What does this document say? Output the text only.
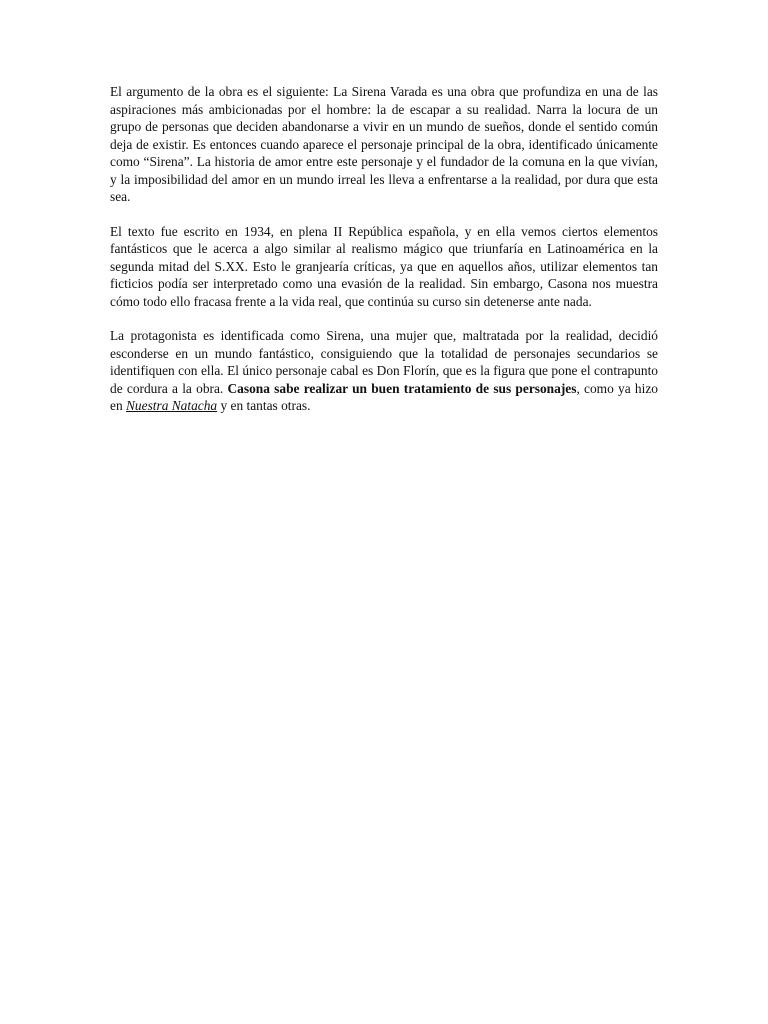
El argumento de la obra es el siguiente: La Sirena Varada es una obra que profundiza en una de las aspiraciones más ambicionadas por el hombre: la de escapar a su realidad. Narra la locura de un grupo de personas que deciden abandonarse a vivir en un mundo de sueños, donde el sentido común deja de existir. Es entonces cuando aparece el personaje principal de la obra, identificado únicamente como “Sirena”. La historia de amor entre este personaje y el fundador de la comuna en la que vivían, y la imposibilidad del amor en un mundo irreal les lleva a enfrentarse a la realidad, por dura que esta sea.

El texto fue escrito en 1934, en plena II República española, y en ella vemos ciertos elementos fantásticos que le acerca a algo similar al realismo mágico que triunfaría en Latinoamérica en la segunda mitad del S.XX. Esto le granjearía críticas, ya que en aquellos años, utilizar elementos tan ficticios podía ser interpretado como una evasión de la realidad. Sin embargo, Casona nos muestra cómo todo ello fracasa frente a la vida real, que continúa su curso sin detenerse ante nada.

La protagonista es identificada como Sirena, una mujer que, maltratada por la realidad, decidió esconderse en un mundo fantástico, consiguiendo que la totalidad de personajes secundarios se identifiquen con ella. El único personaje cabal es Don Florín, que es la figura que pone el contrapunto de cordura a la obra. Casona sabe realizar un buen tratamiento de sus personajes, como ya hizo en Nuestra Natacha y en tantas otras.
